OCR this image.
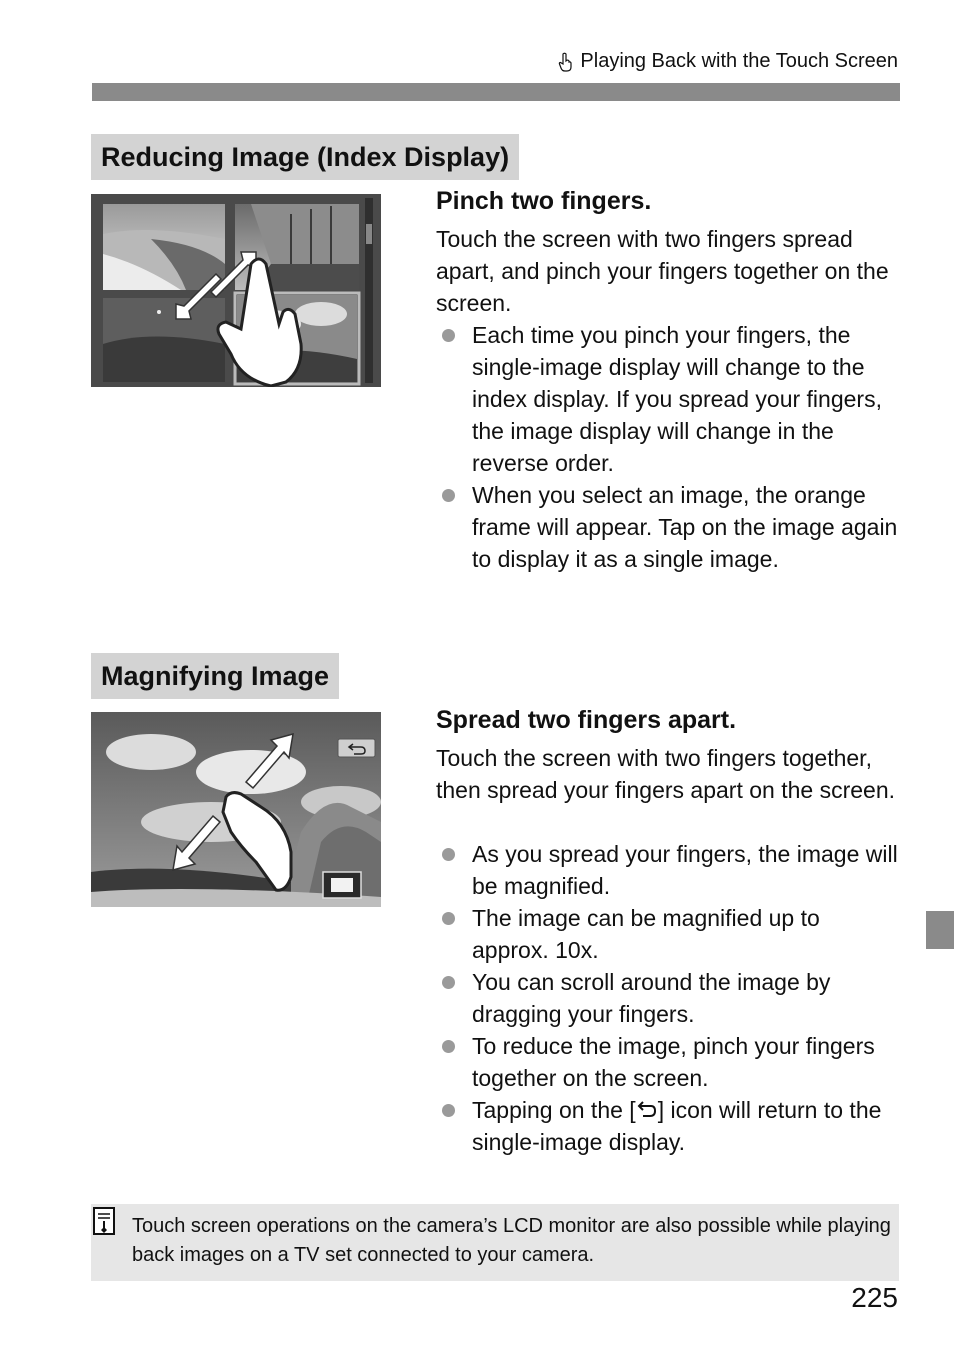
Playing Back with the Touch Screen
Reducing Image (Index Display)
Pinch two fingers.
Touch the screen with two fingers spread apart, and pinch your fingers together on the screen.
Each time you pinch your fingers, the single-image display will change to the index display. If you spread your fingers, the image display will change in the reverse order.
When you select an image, the orange frame will appear. Tap on the image again to display it as a single image.
Magnifying Image
Spread two fingers apart.
Touch the screen with two fingers together, then spread your fingers apart on the screen.
As you spread your fingers, the image will be magnified.
The image can be magnified up to approx. 10x.
You can scroll around the image by dragging your fingers.
To reduce the image, pinch your fingers together on the screen.
Tapping on the [ ] icon will return to the single-image display.
Touch screen operations on the camera’s LCD monitor are also possible while playing back images on a TV set connected to your camera.
225
